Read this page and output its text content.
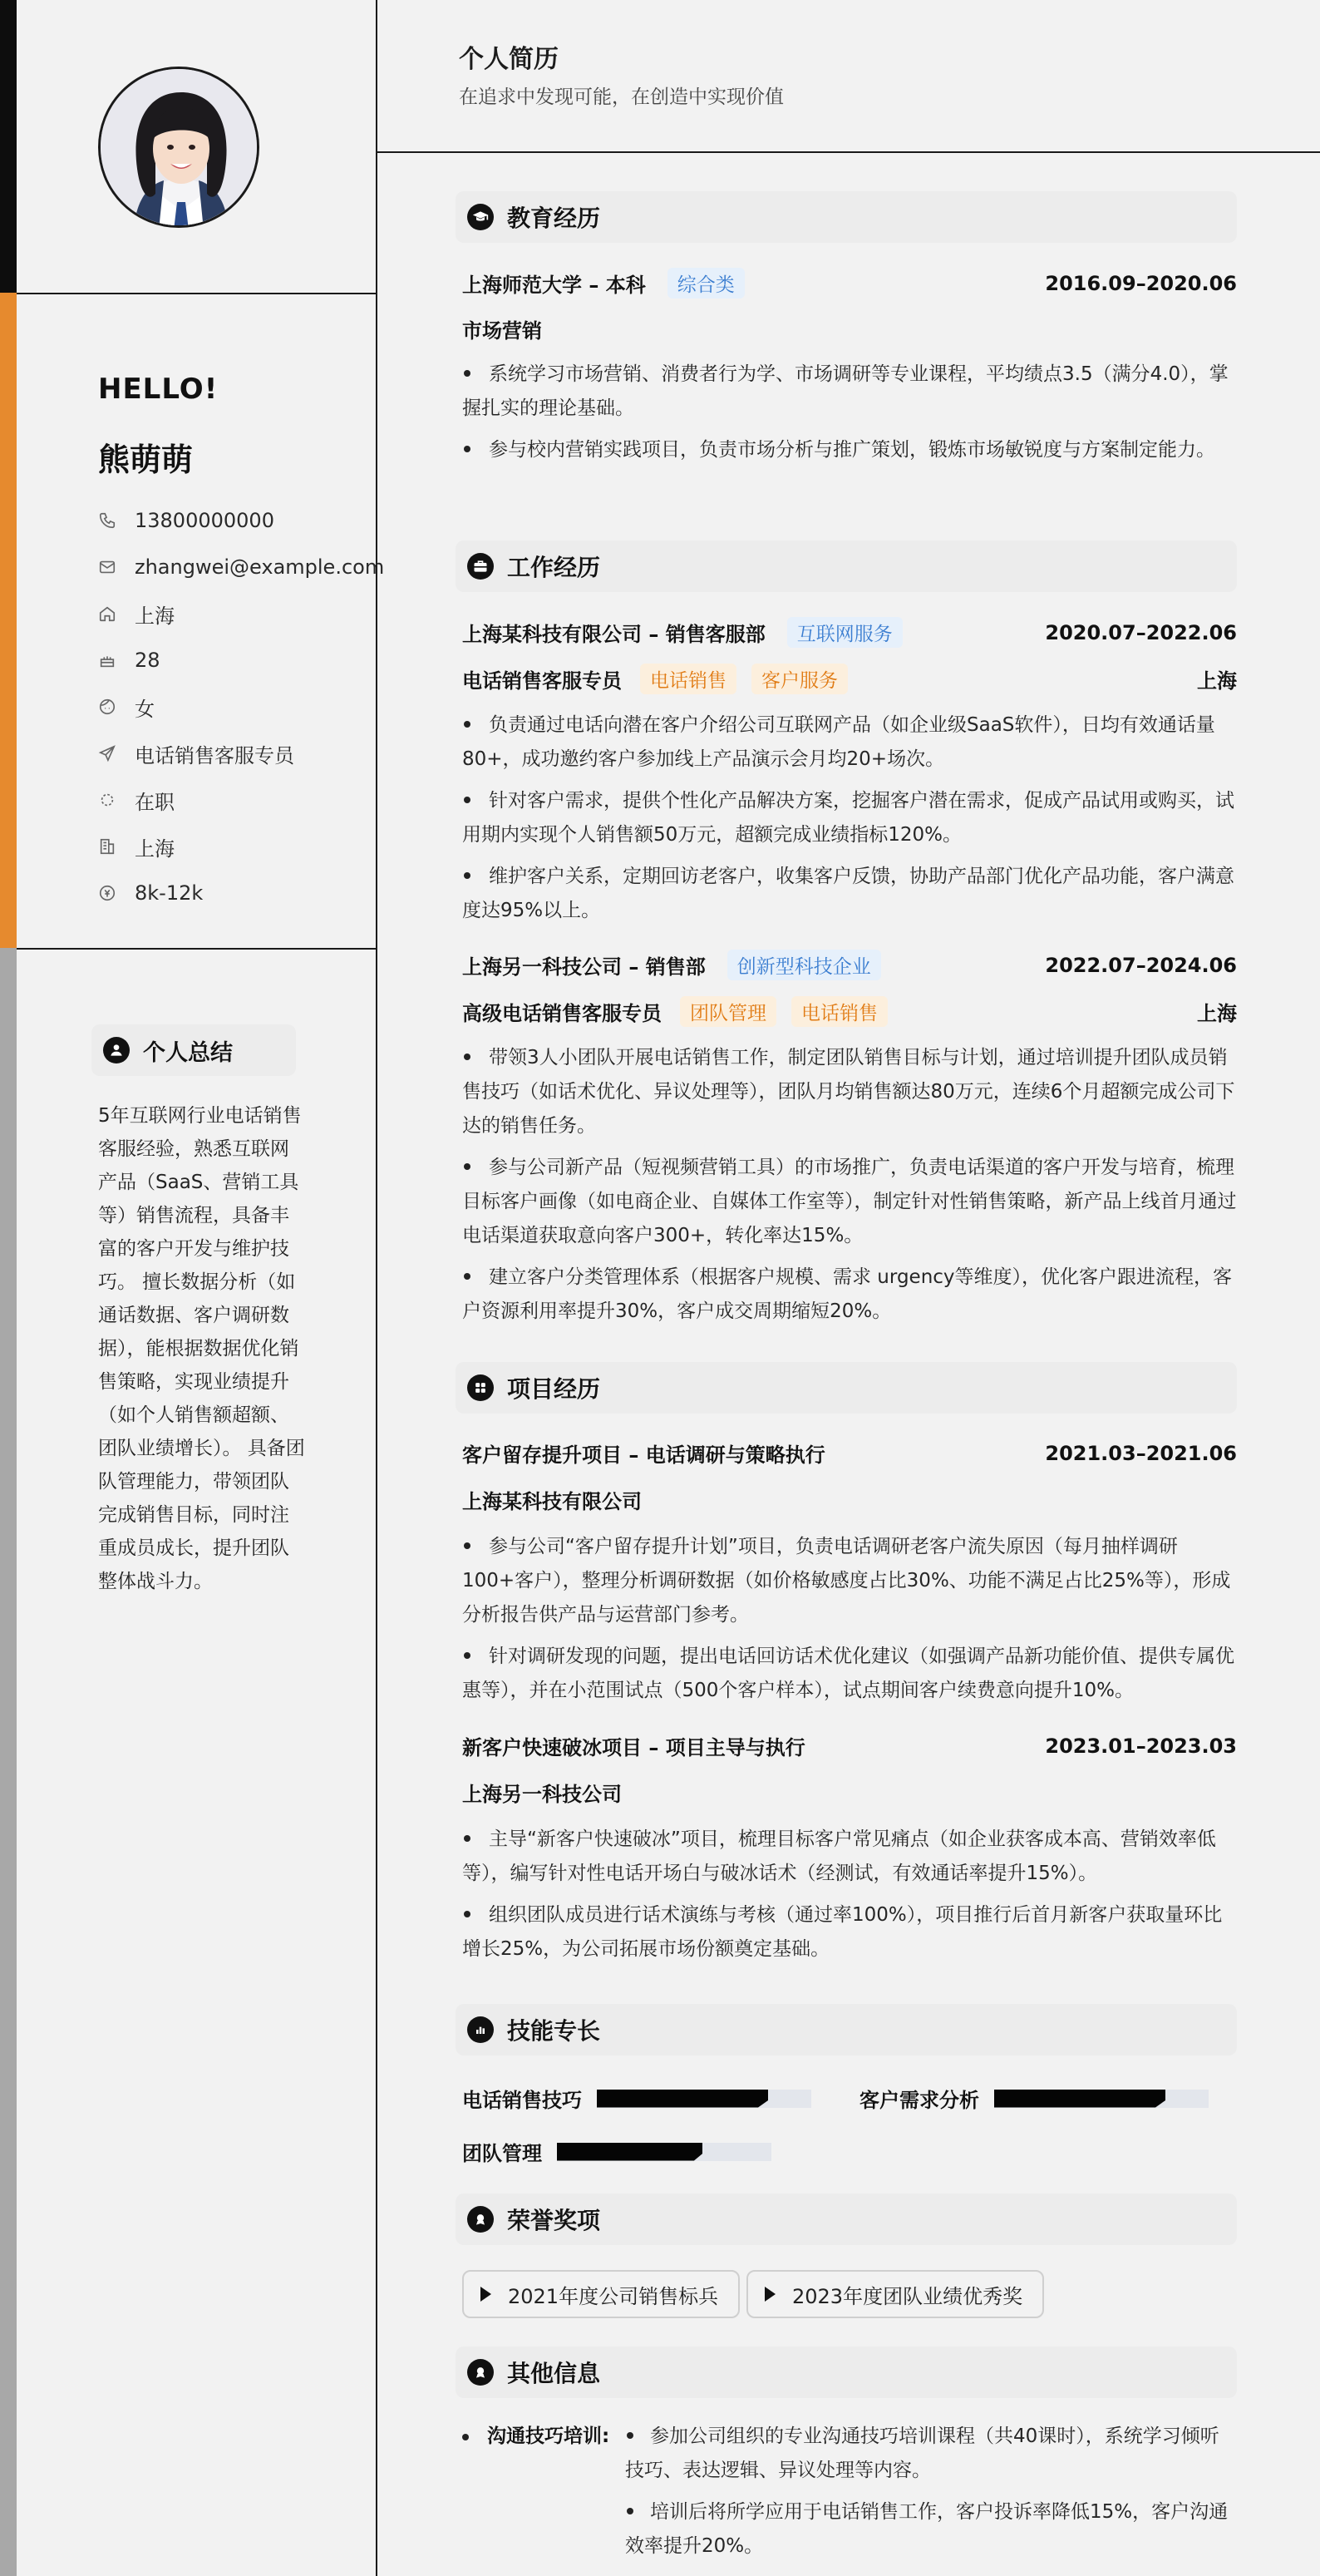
HELLO!
熊萌萌
13800000000
zhangwei@example.com
上海
28
女
电话销售客服专员
在职
上海
8k-12k
个人总结
5年互联网行业电话销售客服经验，熟悉互联网产品（SaaS、营销工具等）销售流程，具备丰富的客户开发与维护技巧。 擅长数据分析（如通话数据、客户调研数据），能根据数据优化销售策略，实现业绩提升（如个人销售额超额、团队业绩增长）。 具备团队管理能力，带领团队完成销售目标，同时注重成员成长，提升团队整体战斗力。
个人简历
在追求中发现可能，在创造中实现价值
教育经历
上海师范大学 – 本科	综合类	2016.09–2020.06
市场营销
系统学习市场营销、消费者行为学、市场调研等专业课程，平均绩点3.5（满分4.0），掌握扎实的理论基础。
参与校内营销实践项目，负责市场分析与推广策划，锻炼市场敏锐度与方案制定能力。
工作经历
上海某科技有限公司 – 销售客服部	互联网服务	2020.07–2022.06
电话销售客服专员	电话销售	客户服务	上海
负责通过电话向潜在客户介绍公司互联网产品（如企业级SaaS软件），日均有效通话量80+，成功邀约客户参加线上产品演示会月均20+场次。
针对客户需求，提供个性化产品解决方案，挖掘客户潜在需求，促成产品试用或购买，试用期内实现个人销售额50万元，超额完成业绩指标120%。
维护客户关系，定期回访老客户，收集客户反馈，协助产品部门优化产品功能，客户满意度达95%以上。
上海另一科技公司 – 销售部	创新型科技企业	2022.07–2024.06
高级电话销售客服专员	团队管理	电话销售	上海
带领3人小团队开展电话销售工作，制定团队销售目标与计划，通过培训提升团队成员销售技巧（如话术优化、异议处理等），团队月均销售额达80万元，连续6个月超额完成公司下达的销售任务。
参与公司新产品（短视频营销工具）的市场推广，负责电话渠道的客户开发与培育，梳理目标客户画像（如电商企业、自媒体工作室等），制定针对性销售策略，新产品上线首月通过电话渠道获取意向客户300+，转化率达15%。
建立客户分类管理体系（根据客户规模、需求 urgency等维度），优化客户跟进流程，客户资源利用率提升30%，客户成交周期缩短20%。
项目经历
客户留存提升项目 – 电话调研与策略执行	2021.03–2021.06
上海某科技有限公司
参与公司“客户留存提升计划”项目，负责电话调研老客户流失原因（每月抽样调研100+客户），整理分析调研数据（如价格敏感度占比30%、功能不满足占比25%等），形成分析报告供产品与运营部门参考。
针对调研发现的问题，提出电话回访话术优化建议（如强调产品新功能价值、提供专属优惠等），并在小范围试点（500个客户样本），试点期间客户续费意向提升10%。
新客户快速破冰项目 – 项目主导与执行	2023.01–2023.03
上海另一科技公司
主导“新客户快速破冰”项目，梳理目标客户常见痛点（如企业获客成本高、营销效率低等），编写针对性电话开场白与破冰话术（经测试，有效通话率提升15%）。
组织团队成员进行话术演练与考核（通过率100%），项目推行后首月新客户获取量环比增长25%，为公司拓展市场份额奠定基础。
技能专长
电话销售技巧	客户需求分析
团队管理
荣誉奖项
2021年度公司销售标兵	2023年度团队业绩优秀奖
其他信息
沟通技巧培训:	参加公司组织的专业沟通技巧培训课程（共40课时），系统学习倾听技巧、表达逻辑、异议处理等内容。
培训后将所学应用于电话销售工作，客户投诉率降低15%，客户沟通效率提升20%。
